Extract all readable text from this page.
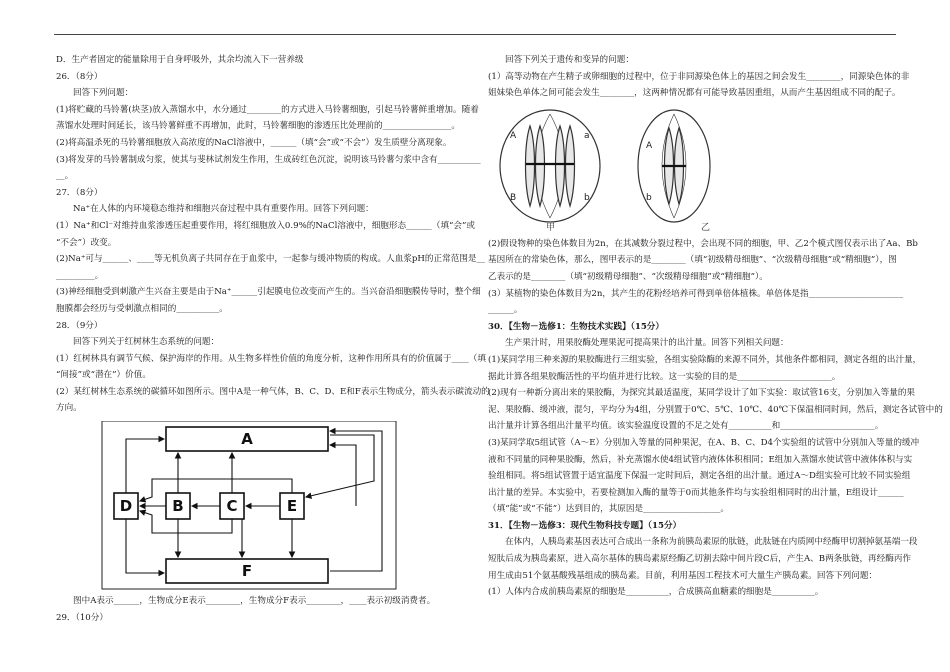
D．生产者固定的能量除用于自身呼吸外，其余均流入下一营养级

26．（8分）

回答下列问题：

(1)将贮藏的马铃薯(块茎)放入蒸馏水中，水分通过________的方式进入马铃薯细胞，引起马铃薯鲜重增加。随着

蒸馏水处理时间延长，该马铃薯鲜重不再增加，此时，马铃薯细胞的渗透压比处理前的________________。

(2)将高温杀死的马铃薯细胞放入高浓度的NaCl溶液中，______（填“会”或“不会”）发生质壁分离现象。

(3)将发芽的马铃薯制成匀浆，使其与斐林试剂发生作用，生成砖红色沉淀，说明该马铃薯匀浆中含有__________

__。

27．（8分）

Na⁺在人体的内环境稳态维持和细胞兴奋过程中具有重要作用。回答下列问题：

(1）Na⁺和Cl⁻对维持血浆渗透压起重要作用，将红细胞放入0.9%的NaCl溶液中，细胞形态______（填“会”或

“不会”）改变。

(2)Na⁺可与______、____等无机负离子共同存在于血浆中，一起参与缓冲物质的构成。人血浆pH的正常范围是__

_________。

(3)神经细胞受到刺激产生兴奋主要是由于Na⁺______引起膜电位改变而产生的。当兴奋沿细胞膜传导时，整个细

胞膜都会经历与受刺激点相同的__________。

28．（9分）

回答下列关于红树林生态系统的问题：

(1）红树林具有调节气候、保护海岸的作用。从生物多样性价值的角度分析，这种作用所具有的价值属于____（填

“间接”或“潜在”）价值。

(2）某红树林生态系统的碳循环如图所示。图中A是一种气体，B、C、D、E和F表示生物成分，箭头表示碳流动的

方向。

A
F
D	B	C	E

图中A表示______，生物成分E表示________，生物成分F表示________，____表示初级消费者。

29．（10分）

回答下列关于遗传和变异的问题：

(1）高等动物在产生精子或卵细胞的过程中，位于非同源染色体上的基因之间会发生________，同源染色体的非

姐妹染色单体之间可能会发生________，这两种情况都有可能导致基因重组，从而产生基因组成不同的配子。

A	a
B	b
A
b
甲	乙

(2)假设物种的染色体数目为2n，在其减数分裂过程中，会出现不同的细胞，甲、乙2个模式图仅表示出了Aa、Bb

基因所在的常染色体，那么，图甲表示的是________（填“初级精母细胞”、“次级精母细胞”或“精细胞”），图

乙表示的是________（填“初级精母细胞”、“次级精母细胞”或“精细胞”）。

(3）某植物的染色体数目为2n，其产生的花粉经培养可得到单倍体植株。单倍体是指______________________

______。

30．【生物－选修1：生物技术实践】（15分）

生产果汁时，用果胶酶处理果泥可提高果汁的出汁量。回答下列相关问题：

(1)某同学用三种来源的果胶酶进行三组实验，各组实验除酶的来源不同外，其他条件都相同，测定各组的出汁量，

据此计算各组果胶酶活性的平均值并进行比较。这一实验的目的是______________________。

(2)现有一种新分离出来的果胶酶，为探究其最适温度，某同学设计了如下实验：取试管16支，分别加入等量的果

泥、果胶酶、缓冲液，混匀，平均分为4组，分别置于0℃、5℃、10℃、40℃下保温相同时间，然后，测定各试管中的

出汁量并计算各组出汁量平均值。该实验温度设置的不足之处有__________和______________________。

(3)某同学取5组试管（A～E）分别加入等量的同种果泥，在A、B、C、D4个实验组的试管中分别加入等量的缓冲

液和不同量的同种果胶酶，然后，补充蒸馏水使4组试管内液体体积相同；E组加入蒸馏水使试管中液体体积与实

验组相同。将5组试管置于适宜温度下保温一定时间后，测定各组的出汁量。通过A～D组实验可比较不同实验组

出汁量的差异。本实验中，若要检测加入酶的量等于0而其他条件均与实验组相同时的出汁量，E组设计______

（填“能”或“不能”）达到目的，其原因是__________________。

31．【生物－选修3：现代生物科技专题】（15分）

在体内，人胰岛素基因表达可合成出一条称为前胰岛素原的肽链，此肽链在内质网中经酶甲切割掉氨基端一段

短肽后成为胰岛素原，进入高尔基体的胰岛素原经酶乙切割去除中间片段C后，产生A、B两条肽链，再经酶丙作

用生成由51个氨基酸残基组成的胰岛素。目前，利用基因工程技术可大量生产胰岛素。回答下列问题：

(1）人体内合成前胰岛素原的细胞是__________，合成胰高血糖素的细胞是__________。
